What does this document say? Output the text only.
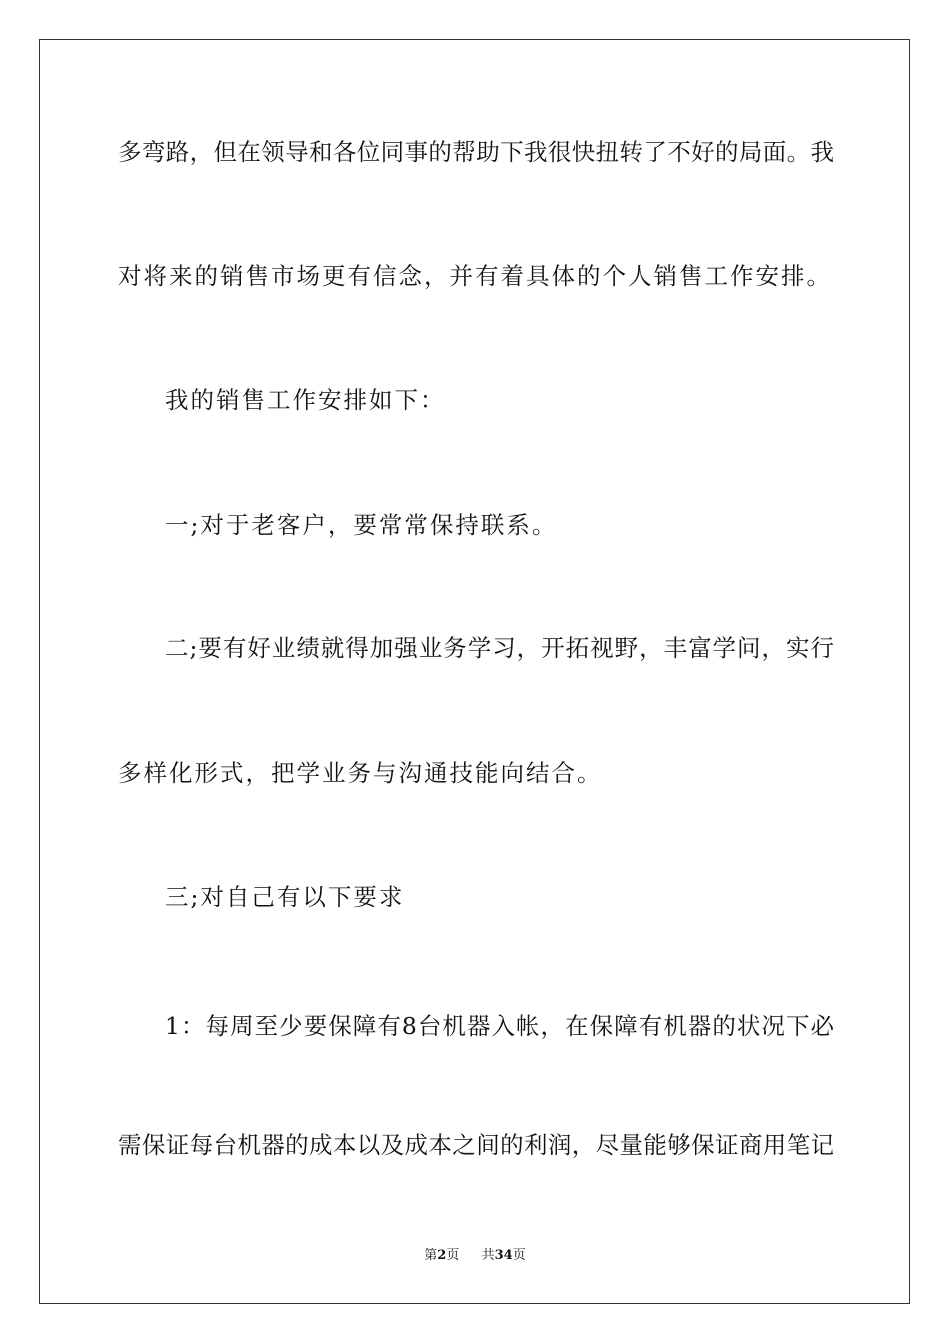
多弯路，但在领导和各位同事的帮助下我很快扭转了不好的局面。我
对将来的销售市场更有信念，并有着具体的个人销售工作安排。
我的销售工作安排如下：
一;对于老客户，要常常保持联系。
二;要有好业绩就得加强业务学习，开拓视野，丰富学问，实行
多样化形式，把学业务与沟通技能向结合。
三;对自己有以下要求
1：每周至少要保障有8台机器入帐，在保障有机器的状况下必
需保证每台机器的成本以及成本之间的利润，尽量能够保证商用笔记
第2页 共34页
